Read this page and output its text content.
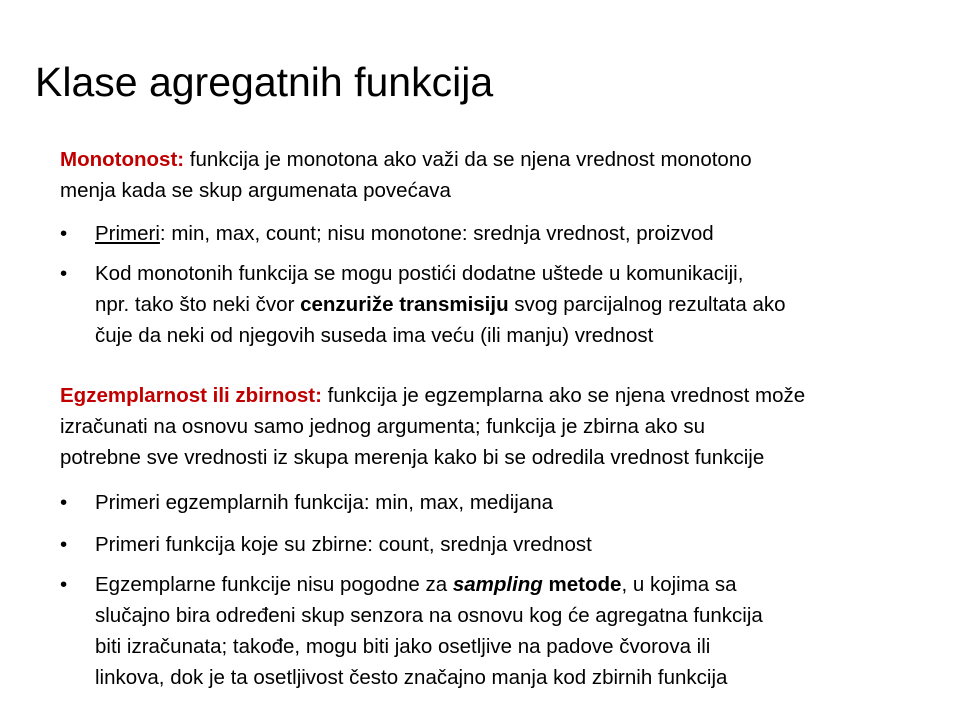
Klase agregatnih funkcija
Monotonost: funkcija je monotona ako važi da se njena vrednost monotono
menja kada se skup argumenata povećava
•	Primeri: min, max, count; nisu monotone: srednja vrednost, proizvod
•	Kod monotonih funkcija se mogu postići dodatne uštede u komunikaciji,
npr. tako što neki čvor cenzuriže transmisiju svog parcijalnog rezultata ako
čuje da neki od njegovih suseda ima veću (ili manju) vrednost
Egzemplarnost ili zbirnost: funkcija je egzemplarna ako se njena vrednost može
izračunati na osnovu samo jednog argumenta; funkcija je zbirna ako su
potrebne sve vrednosti iz skupa merenja kako bi se odredila vrednost funkcije
•	Primeri egzemplarnih funkcija: min, max, medijana
•	Primeri funkcija koje su zbirne: count, srednja vrednost
•	Egzemplarne funkcije nisu pogodne za sampling metode, u kojima sa
slučajno bira određeni skup senzora na osnovu kog će agregatna funkcija
biti izračunata; takođe, mogu biti jako osetljive na padove čvorova ili
linkova, dok je ta osetljivost često značajno manja kod zbirnih funkcija
